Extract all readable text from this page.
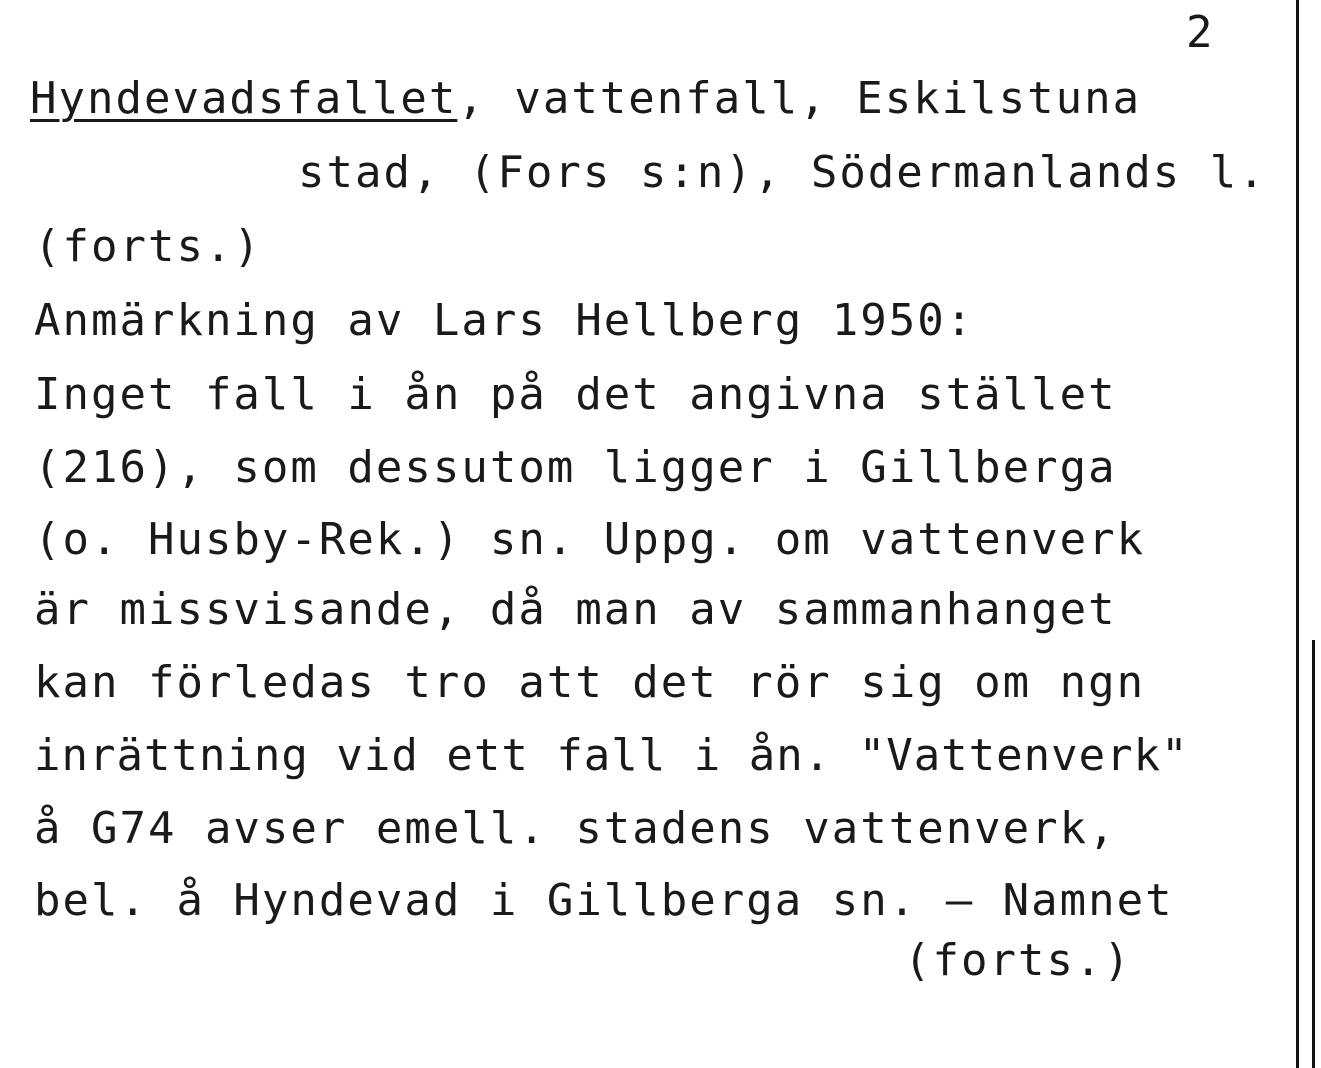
2
Hyndevadsfallet, vattenfall, Eskilstuna
stad, (Fors s:n), Södermanlands l.
(forts.)
Anmärkning av Lars Hellberg 1950:
Inget fall i ån på det angivna stället
(216), som dessutom ligger i Gillberga
(o. Husby-Rek.) sn. Uppg. om vattenverk
är missvisande, då man av sammanhanget
kan förledas tro att det rör sig om ngn
inrättning vid ett fall i ån. "Vattenverk"
å G74 avser emell. stadens vattenverk,
bel. å Hyndevad i Gillberga sn. — Namnet
(forts.)
